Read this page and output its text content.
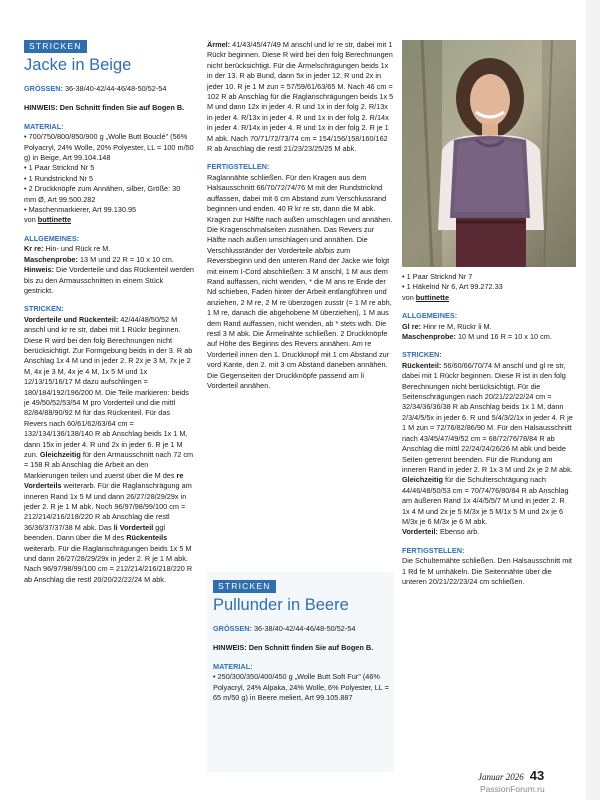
STRICKEN
Jacke in Beige

GRÖSSEN: 36-38/40-42/44-46/48-50/52-54

HINWEIS: Den Schnitt finden Sie auf Bogen B.

MATERIAL:

• 700/750/800/850/900 g „Wolle Butt Bouclé" (56% Polyacryl, 24% Wolle, 20% Polyester, LL = 100 m/50 g) in Beige, Art 99.104.148

• 1 Paar Stricknd Nr 5

• 1 Rundstricknd Nr 5

• 2 Druckknöpfe zum Annähen, silber, Größe: 30 mm Ø, Art 99.500.282

• Maschenmarkierer, Art 99.130.95

von buttinette

ALLGEMEINES:

Kr re: Hin- und Rück re M.

Maschenprobe: 13 M und 22 R = 10 x 10 cm.

Hinweis: Die Vorderteile und das Rückenteil werden bis zu den Armausschnitten in einem Stück gestrickt.

STRICKEN:

Vorderteile und Rückenteil: 42/44/48/50/52 M anschl und kr re str, dabei mit 1 Rückr beginnen. Diese R wird bei den folg Berechnungen nicht berücksichtigt. Zur Formgebung beids in der 3. R ab Anschlag 1x 4 M und in jeder 2. R 2x je 3 M, 7x je 2 M, 4x je 3 M, 4x je 4 M, 1x 5 M und 1x 12/13/15/16/17 M dazu aufschlingen = 180/184/192/196/200 M. Die Teile markieren: beids je 49/50/52/53/54 M pro Vorderteil und die mittl 82/84/88/90/92 M für das Rückenteil. Für das Revers nach 60/61/62/63/64 cm = 132/134/136/138/140 R ab Anschlag beids 1x 1 M, dann 15x in jeder 4. R und 2x in jeder 6. R je 1 M zun. Gleichzeitig für den Armausschnitt nach 72 cm = 158 R ab Anschlag die Arbeit an den Markierungen teilen und zuerst über die M des re Vorderteils weiterarb. Für die Raglanschrägung am inneren Rand 1x 5 M und dann 26/27/28/29/29x in jeder 2. R je 1 M abk. Noch 96/97/98/99/100 cm = 212/214/216/218/220 R ab Anschlag die restl 36/36/37/37/38 M abk. Das li Vorderteil ggl beenden. Dann über die M des Rückenteils weiterarb. Für die Raglanschrägungen beids 1x 5 M und dann 26/27/28/29/29x in jeder 2. R je 1 M abk. Nach 96/97/98/99/100 cm = 212/214/216/218/220 R ab Anschlag die restl 20/20/22/22/24 M abk.

Ärmel: 41/43/45/47/49 M anschl und kr re str, dabei mit 1 Rückr beginnen. Diese R wird bei den folg Berechnungen nicht berücksichtigt. Für die Ärmelschrägungen beids 1x in der 13. R ab Bund, dann 5x in jeder 12. R und 2x in jeder 10. R je 1 M zun = 57/59/61/63/65 M. Nach 46 cm = 102 R ab Anschlag für die Raglanschrägungen beids 1x 5 M und dann 12x in jeder 4. R und 1x in der folg 2. R/13x in jeder 4. R/13x in jeder 4. R und 1x in der folg 2. R/14x in jeder 4. R/14x in jeder 4. R und 1x in der folg 2. R je 1 M abk. Nach 70/71/72/73/74 cm = 154/156/158/160/162 R ab Anschlag die restl 21/23/23/25/25 M abk.

FERTIGSTELLEN:

Raglannähte schließen. Für den Kragen aus dem Halsausschnitt 66/70/72/74/76 M mit der Rundstricknd auffassen, dabei mit 6 cm Abstand zum Verschlussrand beginnen und enden. 40 R kr re str, dann die M abk. Kragen zur Hälfte nach außen umschlagen und annähen. Die Kragenschmalseiten zusnähen. Das Revers zur Hälfte nach außen umschlagen und annähen. Die Verschlussränder der Vorderteile ab/bis zum Reversbeginn und den unteren Rand der Jacke wie folgt mit einem I-Cord abschließen: 3 M anschl, 1 M aus dem Rand auffassen, nicht wenden, * die M ans re Ende der Nd schieben, Faden hinter der Arbeit entlangführen und anziehen, 2 M re, 2 M re überzogen zusstr (= 1 M re abh, 1 M re, danach die abgehobene M überziehen), 1 M aus dem Rand auffassen, nicht wenden, ab * stets wdh. Die restl 3 M abk. Die Ärmelnähte schließen. 2 Druckknöpfe auf Höhe des Beginns des Revers annähen. Am re Vorderteil innen den 1. Druckknopf mit 1 cm Abstand zur vord Kante, den 2. mit 3 cm Abstand daneben annähen. Die Gegenseiten der Druckknöpfe passend am li Vorderteil annähen.

STRICKEN
Pullunder in Beere

GRÖSSEN: 36-38/40-42/44-46/48-50/52-54

HINWEIS: Den Schnitt finden Sie auf Bogen B.

MATERIAL:

• 250/300/350/400/450 g „Wolle Butt Soft Fur" (46% Polyacryl, 24% Alpaka, 24% Wolle, 6% Polyester, LL = 65 m/50 g) in Beere meliert, Art 99.105.887

• 1 Paar Stricknd Nr 7

• 1 Häkelnd Nr 6, Art 99.272.33

von buttinette

ALLGEMEINES:

Gl re: Hinr re M, Rückr li M.

Maschenprobe: 10 M und 16 R = 10 x 10 cm.

STRICKEN:

Rückenteil: 56/60/66/70/74 M anschl und gl re str, dabei mit 1 Rückr beginnen. Diese R ist in den folg Berechnungen nicht berücksichtigt. Für die Seitenschrägungen nach 20/21/22/22/24 cm = 32/34/36/36/38 R ab Anschlag beids 1x 1 M, dann 2/3/4/5/5x in jeder 6. R und 5/4/3/2/1x in jeder 4. R je 1 M zun = 72/76/82/86/90 M. Für den Halsausschnitt nach 43/45/47/49/52 cm = 68/72/76/78/84 R ab Anschlag die mittl 22/24/24/26/26 M abk und beide Seiten getrennt beenden. Für die Rundung am inneren Rand in jeder 2. R 1x 3 M und 2x je 2 M abk. Gleichzeitig für die Schulterschrägung nach 44/46/48/50/53 cm = 70/74/76/80/84 R ab Anschlag am äußeren Rand 1x 4/4/5/5/7 M und in jeder 2. R 1x 4 M und 2x je 5 M/3x je 5 M/1x 5 M und 2x je 6 M/3x je 6 M/3x je 6 M abk.

Vorderteil: Ebenso arb.

FERTIGSTELLEN:

Die Schulternähte schließen. Den Halsausschnitt mit 1 Rd fe M umhäkeln. Die Seitennähte über die unteren 20/21/22/23/24 cm schließen.

Januar 2026 43
PassionForum.ru
